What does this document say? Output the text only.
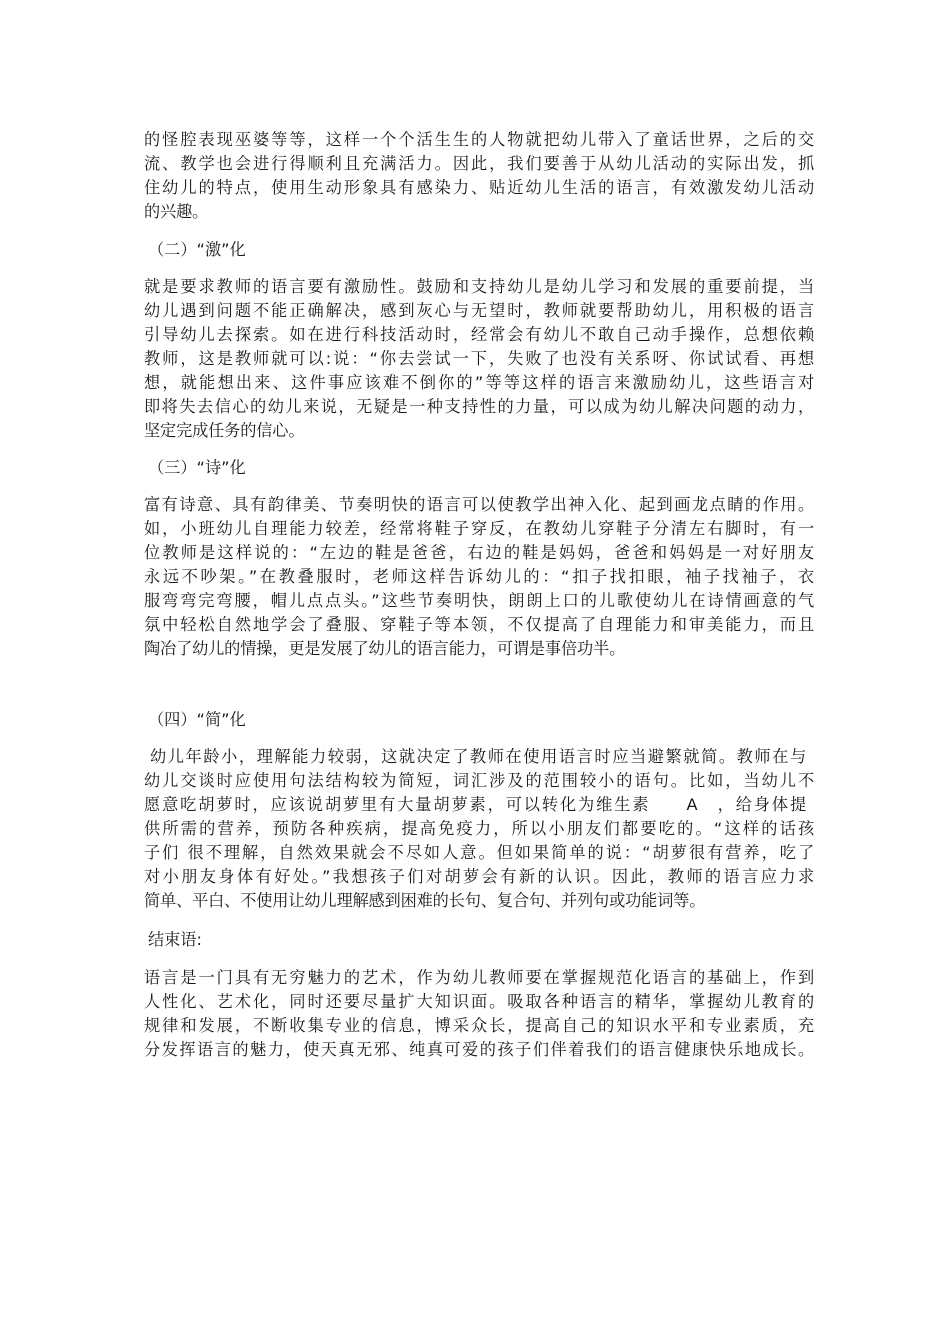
的怪腔表现巫婆等等，这样一个个活生生的人物就把幼儿带入了童话世界，之后的交
流、教学也会进行得顺利且充满活力。因此，我们要善于从幼儿活动的实际出发，抓
住幼儿的特点，使用生动形象具有感染力、贴近幼儿生活的语言，有效激发幼儿活动
的兴趣。
（二）“激”化
就是要求教师的语言要有激励性。鼓励和支持幼儿是幼儿学习和发展的重要前提，当
幼儿遇到问题不能正确解决，感到灰心与无望时，教师就要帮助幼儿，用积极的语言
引导幼儿去探索。如在进行科技活动时，经常会有幼儿不敢自己动手操作，总想依赖
教师，这是教师就可以:说：“你去尝试一下，失败了也没有关系呀、你试试看、再想
想，就能想出来、这件事应该难不倒你的”等等这样的语言来激励幼儿，这些语言对
即将失去信心的幼儿来说，无疑是一种支持性的力量，可以成为幼儿解决问题的动力，
坚定完成任务的信心。
（三）“诗”化
富有诗意、具有韵律美、节奏明快的语言可以使教学出神入化、起到画龙点睛的作用。
如，小班幼儿自理能力较差，经常将鞋子穿反，在教幼儿穿鞋子分清左右脚时，有一
位教师是这样说的：“左边的鞋是爸爸，右边的鞋是妈妈，爸爸和妈妈是一对好朋友
永远不吵架。”在教叠服时，老师这样告诉幼儿的：“扣子找扣眼，袖子找袖子，衣
服弯弯完弯腰，帽儿点点头。”这些节奏明快，朗朗上口的儿歌使幼儿在诗情画意的气
氛中轻松自然地学会了叠服、穿鞋子等本领，不仅提高了自理能力和审美能力，而且
陶冶了幼儿的情操，更是发展了幼儿的语言能力，可谓是事倍功半。
（四）“简”化
幼儿年龄小，理解能力较弱，这就决定了教师在使用语言时应当避繁就简。教师在与
幼儿交谈时应使用句法结构较为简短，词汇涉及的范围较小的语句。比如，当幼儿不
愿意吃胡萝时，应该说胡萝里有大量胡萝素，可以转化为维生素　　A　，给身体提
供所需的营养，预防各种疾病，提高免疫力，所以小朋友们都要吃的。“这样的话孩
子们 很不理解，自然效果就会不尽如人意。但如果简单的说：“胡萝很有营养，吃了
对小朋友身体有好处。”我想孩子们对胡萝会有新的认识。因此，教师的语言应力求
简单、平白、不使用让幼儿理解感到困难的长句、复合句、并列句或功能词等。
结束语:
语言是一门具有无穷魅力的艺术，作为幼儿教师要在掌握规范化语言的基础上，作到
人性化、艺术化，同时还要尽量扩大知识面。吸取各种语言的精华，掌握幼儿教育的
规律和发展，不断收集专业的信息，博采众长，提高自己的知识水平和专业素质，充
分发挥语言的魅力，使天真无邪、纯真可爱的孩子们伴着我们的语言健康快乐地成长。
